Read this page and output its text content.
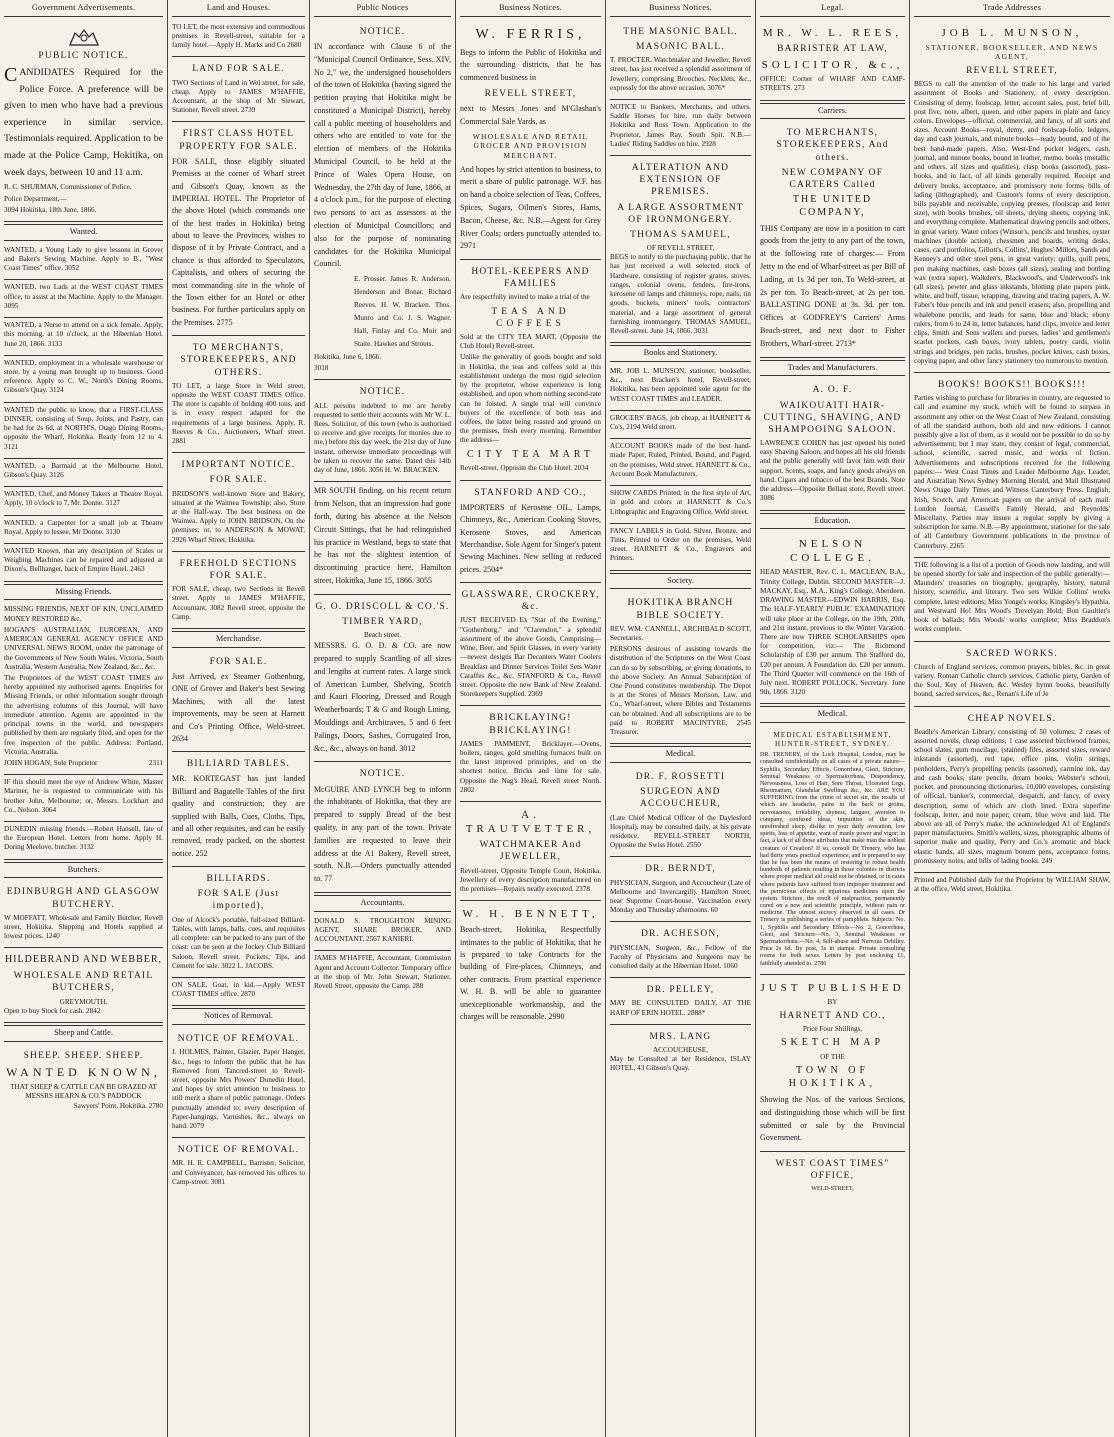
Government Advertisements.
PUBLIC NOTICE.

CANDIDATES Required for the Police Force. A preference will be given to men who have had a previous experience in similar service. Testimonials required. Application to be made at the Police Camp, Hokitika, on week days, between 10 and 11 a.m.

R. C. SHURMAN, Commissioner of Police.

Police Department,—

3094 Hokitika, 18th June, 1866.

Wanted.

WANTED, a Young Lady to give lessons in Grover and Baker's Sewing Machine. Apply to B., "West Coast Times" office. 3052

WANTED, two Lads at the WEST COAST TIMES office, to assist at the Machine. Apply to the Manager. 3095

WANTED, a Nurse to attend on a sick female. Apply, this morning, at 10 o'clock, at the Hibernian Hotel. June 20, 1866. 3133

WANTED, employment in a wholesale warehouse or store, by a young man brought up to business. Good reference. Apply to C. W., North's Dining Rooms, Gibson's Quay. 3124

WANTED the public to know, that a FIRST-CLASS DINNER, consisting of Soup, Joints, and Pastry, can be had for 2s 6d, at NORTH'S, Otago Dining Rooms, opposite the Wharf, Hokitika. Ready from 12 to 4. 3121

WANTED, a Barmaid at the Melbourne Hotel, Gibson's Quay. 3126

WANTED, Chef, and Money Takers at Theatre Royal. Apply, 10 o'clock to 7, Mr. Donne. 3127

WANTED, a Carpenter for a small job at Theatre Royal. Apply to lessee, Mr Donne. 3130

WANTED Known, that any description of Scales or Weighing Machines can be repaired and adjusted at Dixon's, Bellhanger, back of Empire Hotel. 2463

Missing Friends.

MISSING FRIENDS, NEXT OF KIN, UNCLAIMED MONEY RESTORED &c.

HOGAN'S AUSTRALIAN, EUROPEAN, AND AMERICAN GENERAL AGENCY OFFICE AND UNIVERSAL NEWS ROOM, under the patronage of the Governments of New South Wales, Victoria, South Australia, Western Australia, New Zealand, &c., &c.

The Proprietors of the WEST COAST TIMES are hereby appointed my authorised agents. Enquiries for Missing Friends, or other information sought through the advertising columns of this Journal, will have immediate attention. Agents are appointed in the principal towns in the world, and newspapers published by them are regularly filed, and open for the free inspection of the public. Address: Portland, Victoria, Australia.

2311
JOHN HOGAN, Sole Proprietor

IF this should meet the eye of Andrew White, Master Mariner, he is requested to communicate with his brother John, Melbourne; or, Messrs. Lockhart and Co., Nelson. 3064

DUNEDIN missing friends.—Robert Hansell, late of the European Hotel. Letters from home. Apply H. Doring Meelove, butcher. 3132

Butchers.
EDINBURGH AND GLASGOW BUTCHERY.

W MOFFATT, Wholesale and Family Butcher, Revell street, Hokitika. Shipping and Hotels supplied at lowest prices. 1240

HILDEBRAND AND WEBBER,
WHOLESALE AND RETAIL BUTCHERS,
GREYMOUTH.

Open to buy Stock for cash. 2842

Sheep and Cattle.
SHEEP. SHEEP. SHEEP.
WANTED KNOWN,
THAT SHEEP & CATTLE CAN BE GRAZED AT
MESSRS HEARN & CO.'S PADDOCK
Sawyers' Point, Hokitika. 2780
Land and Houses.

TO LET, the most extensive and commodious premises in Revell-street, suitable for a family hotel.—Apply H. Marks and Co 2680

LAND FOR SALE.

TWO Sections of Land in Wel street, for sale, cheap. Apply to JAMES M'HAFFIE, Accountant, at the shop of Mr Stewart, Stationer, Revell street. 2739

FIRST CLASS HOTEL PROPERTY FOR SALE.

FOR SALE, those eligibly situated Premises at the corner of Wharf street and Gibson's Quay, known as the IMPERIAL HOTEL. The Proprietor of the above Hotel (which commands one of the best trades in Hokitika) being about to leave the Provinces, wishes to dispose of it by Private Contract, and a chance is thus afforded to Speculators, Capitalists, and others of securing the most commanding site in the whole of the Town either for an Hotel or other business. For further particulars apply on the Premises. 2775

TO MERCHANTS, STOREKEEPERS, AND OTHERS.

TO LET, a large Store in Weld street, opposite the WEST COAST TIMES Office. The store is capable of holding 400 tons, and is in every respect adapted for the requirements of a large business. Apply, R. Reeves & Co., Auctioneers, Wharf street. 2881

IMPORTANT NOTICE.
FOR SALE.

BRIDSON'S well-known Store and Bakery, situated at the Waimea Township; also, Store at the Half-way. The best business on the Waimea. Apply to JOHN BRIDSON, On the premises; or, to ANDERSON & MOWAT, 2926 Wharf Street, Hokitika.

FREEHOLD SECTIONS FOR SALE.

FOR SALE, cheap, two Sections in Revell street. Apply to JAMES M'HAFFIE, Accountant, 3082 Revell street, opposite the Camp.

Merchandise.
FOR SALE.

Just Arrived, ex Steamer Gothenburg, ONE of Grover and Baker's best Sewing Machines, with all the latest improvements, may be seen at Harnett and Co's Printing Office, Weld-street. 2634

BILLIARD TABLES.

MR. KORTEGAST has just landed Billiard and Bagatelle Tables of the first quality and construction; they are supplied with Balls, Cues, Cloths, Tips, and all other requisites, and can be easily removed, ready packed, on the shortest notice. 252

BILLIARDS.
FOR SALE (Just imported),

One of Alcock's portable, full-sized Billiard-Tables, with lamps, balls, cues, and requisites all complete: can be packed to any part of the coast: can be seen at the Jockey Club Billiard Saloon, Revell street. Pockets, Tips, and Cement for sale. 3022 L. JACOBS.

ON SALE, Goat, in kid.—Apply WEST COAST TIMES office. 2870

Notices of Removal.
NOTICE OF REMOVAL.

J. HOLMES, Painter, Glazier, Paper Hanger, &c., begs to inform the public that he has Removed from Tancred-street to Revell-street, opposite Mrs Powers' Dunedin Hotel, and hopes by strict attention to business to still merit a share of public patronage. Orders punctually attended to; every description of Paper-hangings, Varnishes, &c., always on hand. 2079

NOTICE OF REMOVAL.

MR. H. R. CAMPBELL, Barrister, Solicitor, and Conveyancer, has removed his offices to Camp-street. 3081

Public Notices
NOTICE.

IN accordance with Clause 6 of the "Municipal Council Ordinance, Sess. XIV, No 2," we, the undersigned householders of the town of Hokitika (having signed the petition praying that Hokitika might be constituted a Municipal District), hereby call a public meeting of householders and others who are entitled to vote for the election of members of the Hokitika Municipal Council, to be held at the Prince of Wales Opera House, on Wednesday, the 27th day of June, 1866, at 4 o'clock p.m., for the purpose of electing two persons to act as assessors at the election of Municipal Councillors; and also for the purpose of nominating candidates for the Hokitika Municipal Council.

E. Prosser. James R. Anderson. Henderson and Bonar. Richard Reeves. H. W. Bracken. Thos. Munro and Co. J. S. Wagner. Hall, Finlay and Co. Moir and Staite. Hawkes and Strouts.

Hokitika, June 6, 1866.

3018

NOTICE.

ALL persons indebted to me are hereby requested to settle their accounts with Mr W. L. Rees, Solicitor, of this town (who is authorised to receive and give receipts for monies due to me,) before this day week, the 21st day of June instant, otherwise immediate proceedings will be taken to recover the same. Dated this 14th day of June, 1866. 3056 H. W. BRACKEN.

MR SOUTH finding, on his recent return from Nelson, that an impression had gone forth, during his absence at the Nelson Circuit Sittings, that he had relinquished his practice in Westland, begs to state that he has not the slightest intention of discontinuing practice here. Hamilton street, Hokitika, June 15, 1866. 3055

G. O. DRISCOLL & CO.'S.
TIMBER YARD,
Beach street.

MESSRS. G. O. D. & CO. are now prepared to supply Scantling of all sizes and lengths at current rates. A large stock of American Lumber, Shelving, Scotch and Kauri Flooring, Dressed and Rough Weatherboards; T & G and Rough Lining, Mouldings and Architraves, 5 and 6 feet Palings, Doors, Sashes, Corrugated Iron, &c., &c., always on hand. 3012

NOTICE.

McGUIRE AND LYNCH beg to inform the inhabitants of Hokitika, that they are prepared to supply Bread of the best quality, in any part of the town. Private families are requested to leave their address at the A1 Bakery, Revell street, south. N.B.—Orders punctually attended to. 77

Accountants.

DONALD S. TROUGHTON MINING AGENT, SHARE BROKER, AND ACCOUNTANT, 2567 KANIERI.

JAMES M'HAFFIE, Accountant, Commission Agent and Account Collector. Temporary office at the shop of Mr. John Stewart, Stationer, Revell Street, opposite the Camp. 288

Business Notices.
W. FERRIS,

Begs to inform the Public of Hokitika and the surrounding districts, that he has commenced business in

REVELL STREET,

next to Messrs Jones and M'Glashan's Commercial Sale Yards, as

WHOLESALE AND RETAIL GROCER AND PROVISION MERCHANT.

And hopes by strict attention to business, to merit a share of public patronage. W.F. has on hand a choice selection of Teas, Coffees, Spices, Sugars, Oilmen's Stores, Hams, Bacon, Cheese, &c. N.B.—Agent for Grey River Coals; orders punctually attended to. 2971

HOTEL-KEEPERS AND FAMILIES

Are respectfully invited to make a trial of the

TEAS AND COFFEES

Sold at the CITY TEA MART, (Opposite the Club Hotel) Revell-street.

Unlike the generality of goods bought and sold in Hokitika, the teas and coffees sold at this establishment undergo the most rigid selection by the proprietor, whose experience is long established, and upon whom nothing second-rate can be foisted. A single trial will convince buyers of the excellence of both teas and coffees, the latter being roasted and ground on the premises, fresh every morning. Remember the address—

CITY TEA MART

Revell-street, Opposite the Club Hotel. 2034

STANFORD AND CO.,

IMPORTERS of Kerosene OIL, Lamps, Chimneys, &c., American Cooking Stoves, Kerosene Stoves, and American Merchandise. Sole Agent for Singer's patent Sewing Machines. New selling at reduced prices. 2504*

GLASSWARE, CROCKERY, &c.

JUST RECEIVED Ex "Star of the Evening," "Gothenburg," and "Clarendon," a splendid assortment of the above Goods, Comprising— Wine, Beer, and Spirit Glasses, in every variety—newest designs Bar Decanters Water Coolers Breakfast and Dinner Services Toilet Sets Water Caraffes &c., &c. STANFORD & Co., Revell street. Opposite the new Bank of New Zealand. Storekeepers Supplied. 2369

BRICKLAYING! BRICKLAYING!

JAMES PAMMENT, Bricklayer.—Ovens, boilers, ranges, gold smelting furnaces built on the latest improved principles, and on the shortest notice. Bricks and lime for sale. Opposite the Nag's Head, Revell street North. 2802

A. TRAUTVETTER,
WATCHMAKER And JEWELLER,

Revell-street, Opposite Temple Court, Hokitika. Jewellery of every description manufactured on the premises—Repairs neatly executed. 2378

W. H. BENNETT,

Beach-street, Hokitika, Respectfully intimates to the public of Hokitika, that he is prepared to take Contracts for the building of Fire-places, Chimneys, and other contracts. From practical experience W. H. B. will be able to guarantee unexceptionable workmanship, and the charges will be reasonable. 2990

Business Notices.
THE MASONIC BALL.
MASONIC BALL.

T. PROCTER, Watchmaker and Jeweller, Revell street, has just received a splendid assortment of Jewellery, comprising Brooches, Necklets, &c., expressly for the above occasion. 3076*

NOTICE to Bankers, Merchants, and others. Saddle Horses for hire, run daily between Hokitika and Ross Town. Application to the Proprietor, James Ray, South Spit. N.B.—Ladies' Riding Saddles on hire. 2928

ALTERATION AND EXTENSION OF PREMISES.
A LARGE ASSORTMENT OF IRONMONGERY.
THOMAS SAMUEL,
OF REVELL STREET,

BEGS to notify to the purchasing public, that he has just received a well selected stock of Hardware, consisting of register grates, stoves, ranges, colonial ovens, fenders, fire-irons, kerosene oil lamps and chimneys, rope, nails, tin goods, buckets, miners' tools, contractors' material, and a large assortment of general furnishing ironmongery. THOMAS SAMUEL, Revell-street. June 14, 1866. 3031

Books and Stationery.

MR. JOB L. MUNSON, stationer, bookseller, &c., next Bracken's hotel, Revell-street, Hokitika, has been appointed sole agent for the WEST COAST TIMES and LEADER.

GROCERS' BAGS, job cheap, at HARNETT & Co's, 2194 Weld street.

ACCOUNT BOOKS made of the best hand-made Paper, Ruled, Printed, Bound, and Paged, on the premises, Weld street. HARNETT & Co., Account Book Manufacturers.

SHOW CARDS Printed, in the first style of Art, in gold and colors at HARNETT & Co.'s Lithographic and Engraving Office, Weld street.

FANCY LABELS in Gold, Silver, Bronze, and Tints, Printed to Order on the premises, Weld street. HARNETT & Co., Engravers and Printers.

Society.
HOKITIKA BRANCH BIBLE SOCIETY.

REV. WM. CANNELL, ARCHIBALD SCOTT, Secretaries.

PERSONS desirous of assisting towards the distribution of the Scriptures on the West Coast can do so by subscribing, or giving donations, to the above Society. An Annual Subscription of One Pound constitutes membership. The Depot is at the Stores of Messrs Morison, Law, and Co., Wharf-street, where Bibles and Testaments can be obtained. And all subscriptions are to be paid to ROBERT MACINTYRE, 2545 Treasurer.

Medical.
DR. F. ROSSETTI
SURGEON AND ACCOUCHEUR,

(Late Chief Medical Officer of the Daylesford Hospital), may be consulted daily, at his private residence. REVELL-STREET NORTH, Opposite the Swiss Hotel. 2550

DR. BERNDT,

PHYSICIAN, Surgeon, and Accoucheur (Late of Melbourne and Invercargill). Hamilton Street, near Supreme Court-house. Vaccination every Monday and Thursday afternoons. 60

DR. ACHESON,

PHYSICIAN, Surgeon, &c., Fellow of the Faculty of Physicians and Surgeons may be consulted daily at the Hibernian Hotel. 1060

DR. PELLEY,

MAY BE CONSULTED DAILY, AT THE HARP OF ERIN HOTEL. 2888*

MRS. LANG
ACCOUCHEUSE,

May be Consulted at her Residence, ISLAY HOTEL, 43 Gibson's Quay.

Legal.
MR. W. L. REES,
BARRISTER AT LAW,
SOLICITOR, &c.,

OFFICE: Corner of WHARF AND CAMP-STREETS. 273

Carriers.
TO MERCHANTS, STOREKEEPERS, And others.
NEW COMPANY OF CARTERS Called
THE UNITED COMPANY,

THIS Company are now in a position to cart goods from the jetty to any part of the town, at the following rate of charges:— From Jetty to the end of Wharf-street as per Bill of Lading, at 1s 3d per ton. To Weld-street, at 2s per ton. To Beach-street, at 2s per ton. BALLASTING DONE at 3s. 3d. per ton. Offices at GODFREY'S Carriers' Arms Beach-street, and next door to Fisher Brothers, Wharf-street. 2713*

Trades and Manufacturers.
A. O. F.
WAIKOUAITI HAIR-CUTTING, SHAVING, AND SHAMPOOING SALOON.

LAWRENCE COHEN has just opened his noted easy Shaving Saloon, and hopes all his old friends and the public generally will favor him with their support. Scents, soaps, and fancy goods always on hand. Cigars and tobacco of the best Brands. Note the address—Opposite Bellast store, Revell street. 3086

Education.
NELSON COLLEGE.

HEAD MASTER, Rev. C. L. MACLEAN, B.A., Trinity College, Dublin. SECOND MASTER—J. MACKAY, Esq., M.A., King's College, Aberdeen. DRAWING MASTER—EDWIN HARRIS, Esq. The HALF-YEARLY PUBLIC EXAMINATION will take place at the College, on the 19th, 20th, and 21st instant, previous to the Winter Vacation. There are now THREE SCHOLARSHIPS open for competition, viz:— The Richmond Scholarship of £30 per annum. The Stafford do, £20 per annum. A Foundation do. £20 per annum. The Third Quarter will commence on the 16th of July next. ROBERT POLLOCK, Secretary. June 9th, 1866. 3120

Medical.
MEDICAL ESTABLISHMENT, HUNTER-STREET, SYDNEY.

DR. TRENERY, of the Lock Hospital, London, may be consulted confidentially on all cases of a private nature—Syphilis, Secondary Effects, Gonorrhœa, Gleet, Stricture, Seminal Weakness or Spermatorrhœa, Despondency, Nervousness, Loss of Hair, Sore Throat, Ulcerated Legs, Rheumatism, Glandular Swellings &c., &c. ARE YOU SUFFERING from the crime of secret sin, the results of which are headache, pains in the back or groins, nervousness, irritability, shyness, languor, aversion to company, confused ideas, impurities of the skin, unrefreshed sleep, dislike to your daily avocation, low spirits, loss of appetite, want of manly power and vigor; in fact, a lack of all those attributes that make man the noblest creature of Creation? If so, consult Dr Trenery, who has had thirty years practical experience, and is prepared to say that he has been the means of restoring to robust health hundreds of patients residing in those colonies in districts where proper medical aid could not be obtained, or in cases where patients have suffered from improper treatment and the pernicious effects of injurious medicines upon the system. Stricture, the result of malpractice, permanently cured on a new and scientific principle, without pain or medicine. The utmost secrecy observed in all cases. Dr Trenery is publishing a series of pamphlets. Subjects: No. 1, Syphilis and Secondary Effects—No. 2, Gonorrhœa, Gleet, and Stricture—No. 3, Seminal Weakness or Spermatorrhœa.—No. 4, Self-abuse and Nervous Debility. Price 2s 6d. By post, 3s in stamps. Private consulting rooms for both sexes. Letters by post enclosing £1, faithfully attended to. 2786

JUST PUBLISHED
BY
HARNETT AND CO.,
Price Four Shillings,
SKETCH MAP
OF THE
TOWN OF HOKITIKA,

Showing the Nos. of the various Sections, and distinguishing those which will be first submitted or sale by the Provincial Government.

WEST COAST TIMES" OFFICE,
WELD-STREET,
Trade Addresses
JOB L. MUNSON,
STATIONER, BOOKSELLER, AND NEWS AGENT,
REVELL STREET,

BEGS to call the attention of the trade to his large and varied assortment of Books and Stationery, of every description. Consisting of demy, foolscap, letter, account sales, post, brief bill, post five, note, albert, queen, and other papers in plain and fancy colors. Envelopes—official, commercial, and fancy, of all sorts and sizes. Account Books—royal, demy, and foolscap-folio, ledgers, day and cash journals, and minute books—ready bound, and of the best hand-made papers. Also, West-End pocket ledgers, cash, journal, and minute books, bound in leather, memo. books (metallic and others, all sizes and qualities), clasp books (assorted), pass-books, and in fact, of all kinds generally required. Receipt and delivery books, acceptance, and promissory note forms, bills of lading (lithographed), and Custom's forms of every description, bills payable and receivable, copying presses, (foolscap and letter size), with books brushes, oil sheets, drying sheets, copying ink, and everything complete. Mathematical drawing pencils and others, in great variety. Water colors (Winsor's, pencils and brushes, oyster machines (double action), chessmen and boards, writing desks, cases, card portfolios, Gillott's, Collins', Hughes' Millors, Sands and Kenney's and other steel pens, in great variety; quills, quill pens, pen making machines, cash boxes (all sizes), sealing and bottling wax (extra super), Walkden's, Blackwood's, and Underwood's ink (all sizes), pewter and glass inkstands, blotting plate papers pink, white, and buff, tissue, wrapping, drawing and tracing papers, A. W. Faber's blue pencils and ink and pencil erasers; also, propelling and whalebone pencils, and leads for same, blue and black; ebony rulers, from 6 to 24 in, letter balances, hand clips, invoice and letter clips, Smith and Sons wallets and purses, ladies' and gentlemen's scarlet pockets, cash boxes, ivory tablets, poetry cards, violin strings and bridges, pen racks, brushes, pocket knives, cash boxes, copying paper, and other fancy stationery too numerous to mention.

BOOKS! BOOKS!! BOOKS!!!

Parties wishing to purchase for libraries in country, are requested to call and examine my stock, which will be found to surpass in assortment any other on the West Coast of New Zealand, consisting of all the standard authors, both old and new editions. I cannot possibly give a list of them, as it would not be possible to do so by advertisement; but I may state, they consist of legal, commercial, school, scientific, sacred music, and works of fiction. Advertisements and subscriptions received for the following papers:— West Coast Times and Leader Melbourne Age, Leader, and Australian News Sydney Morning Herald, and Mail Illustrated News Otago Daily Times and Witness Canterbury Press. English, Irish, Scotch, and American papers on the arrival of each mail. London Journal, Cassell's Family Herald, and Reynolds' Miscellany. Parties may insure a regular supply by giving a subscription for same. N.B.—By appointment, stationer for the sale of all Canterbury Government publications in the province of Canterbury. 2265

THE following is a list of a portion of Goods now landing, and will be opened shortly for sale and inspection of the public generally:— Maunders' treasuries on biography, geography, history, natural history, scientific, and literary. Two sets Wilkie Collins' works complete, latest editions; Miss Yonge's works; Kingsley's Hypathia, and Westward Ho! Mrs Wood's Trevelyan Hold; Bon Gaultier's book of ballads; Mrs Woods' works complete; Miss Braddon's works complete.

SACRED WORKS.

Church of England services, common prayers, bibles, &c. in great variety. Roman Catholic church services, Catholic piety, Garden of the Soul, Key of Heaven, &c. Wesley hymn books, beautifully bound, sacred services, &c., Renan's Life of Je

CHEAP NOVELS.

Beadle's American Library, consisting of 50 volumes; 2 cases of assorted novels, cheap editions; 1 case assorted birchwood frames, school slates, gum mucilage, (stained) files, assorted sizes, reward inkstands (assorted), red tape, office pins, violin strings, penholders, Perry's propelling pencils (assorted), carmine ink, day and cash books, slate pencils, dream books, Webster's school, pocket, and pronouncing dictionaries, 10,000 envelopes, consisting of official, banker's, commercial, despatch, and fancy, of every description, some of which are cloth lined. Extra superfine foolscap, letter, and note paper; cream, blue wove and laid. The above are all of Perry's make, the acknowledged A1 of England's paper manufacturers. Smith's wallets, sizes, photographic albums of superior make and quality, Perry and Co.'s aromatic and black elastic bands, all sizes, magnum bonum pens, acceptance forms, promissory notes, and bills of lading books. 249

Printed and Published daily for the Proprietor by WILLIAM SHAW, at the office, Weld street, Hokitika.
